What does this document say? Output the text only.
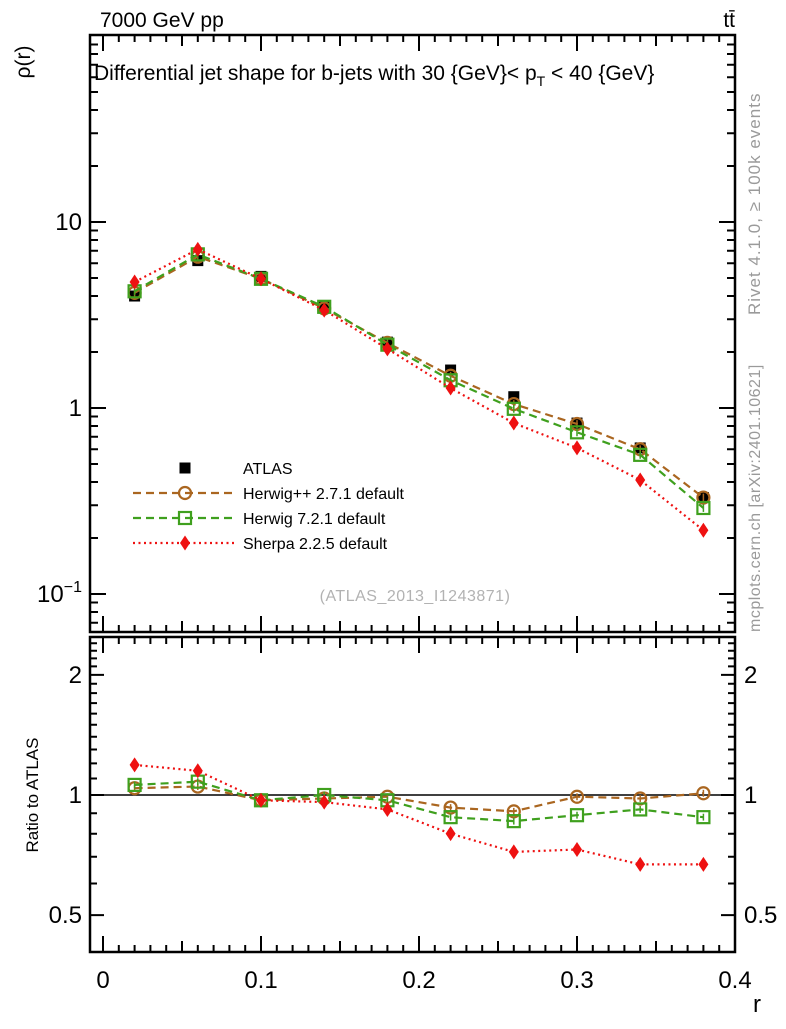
7000 GeV pp	tt̄
ρ(r)
Ratio to ATLAS
Rivet 4.1.0, ≥ 100k events
mcplots.cern.ch [arXiv:2401.10621]
Differential jet shape for b-jets with 30 $\{GeV\}< p_T < 40$ {GeV}
(ATLAS_2013_I1243871)
10
1
$10^{-1}$
2	2
1	1
0.5	0.5
0	0.1	0.2	0.3	0.4
ATLAS
Herwig++ 2.7.1 default
Herwig 7.2.1 default
Sherpa 2.2.5 default
r
